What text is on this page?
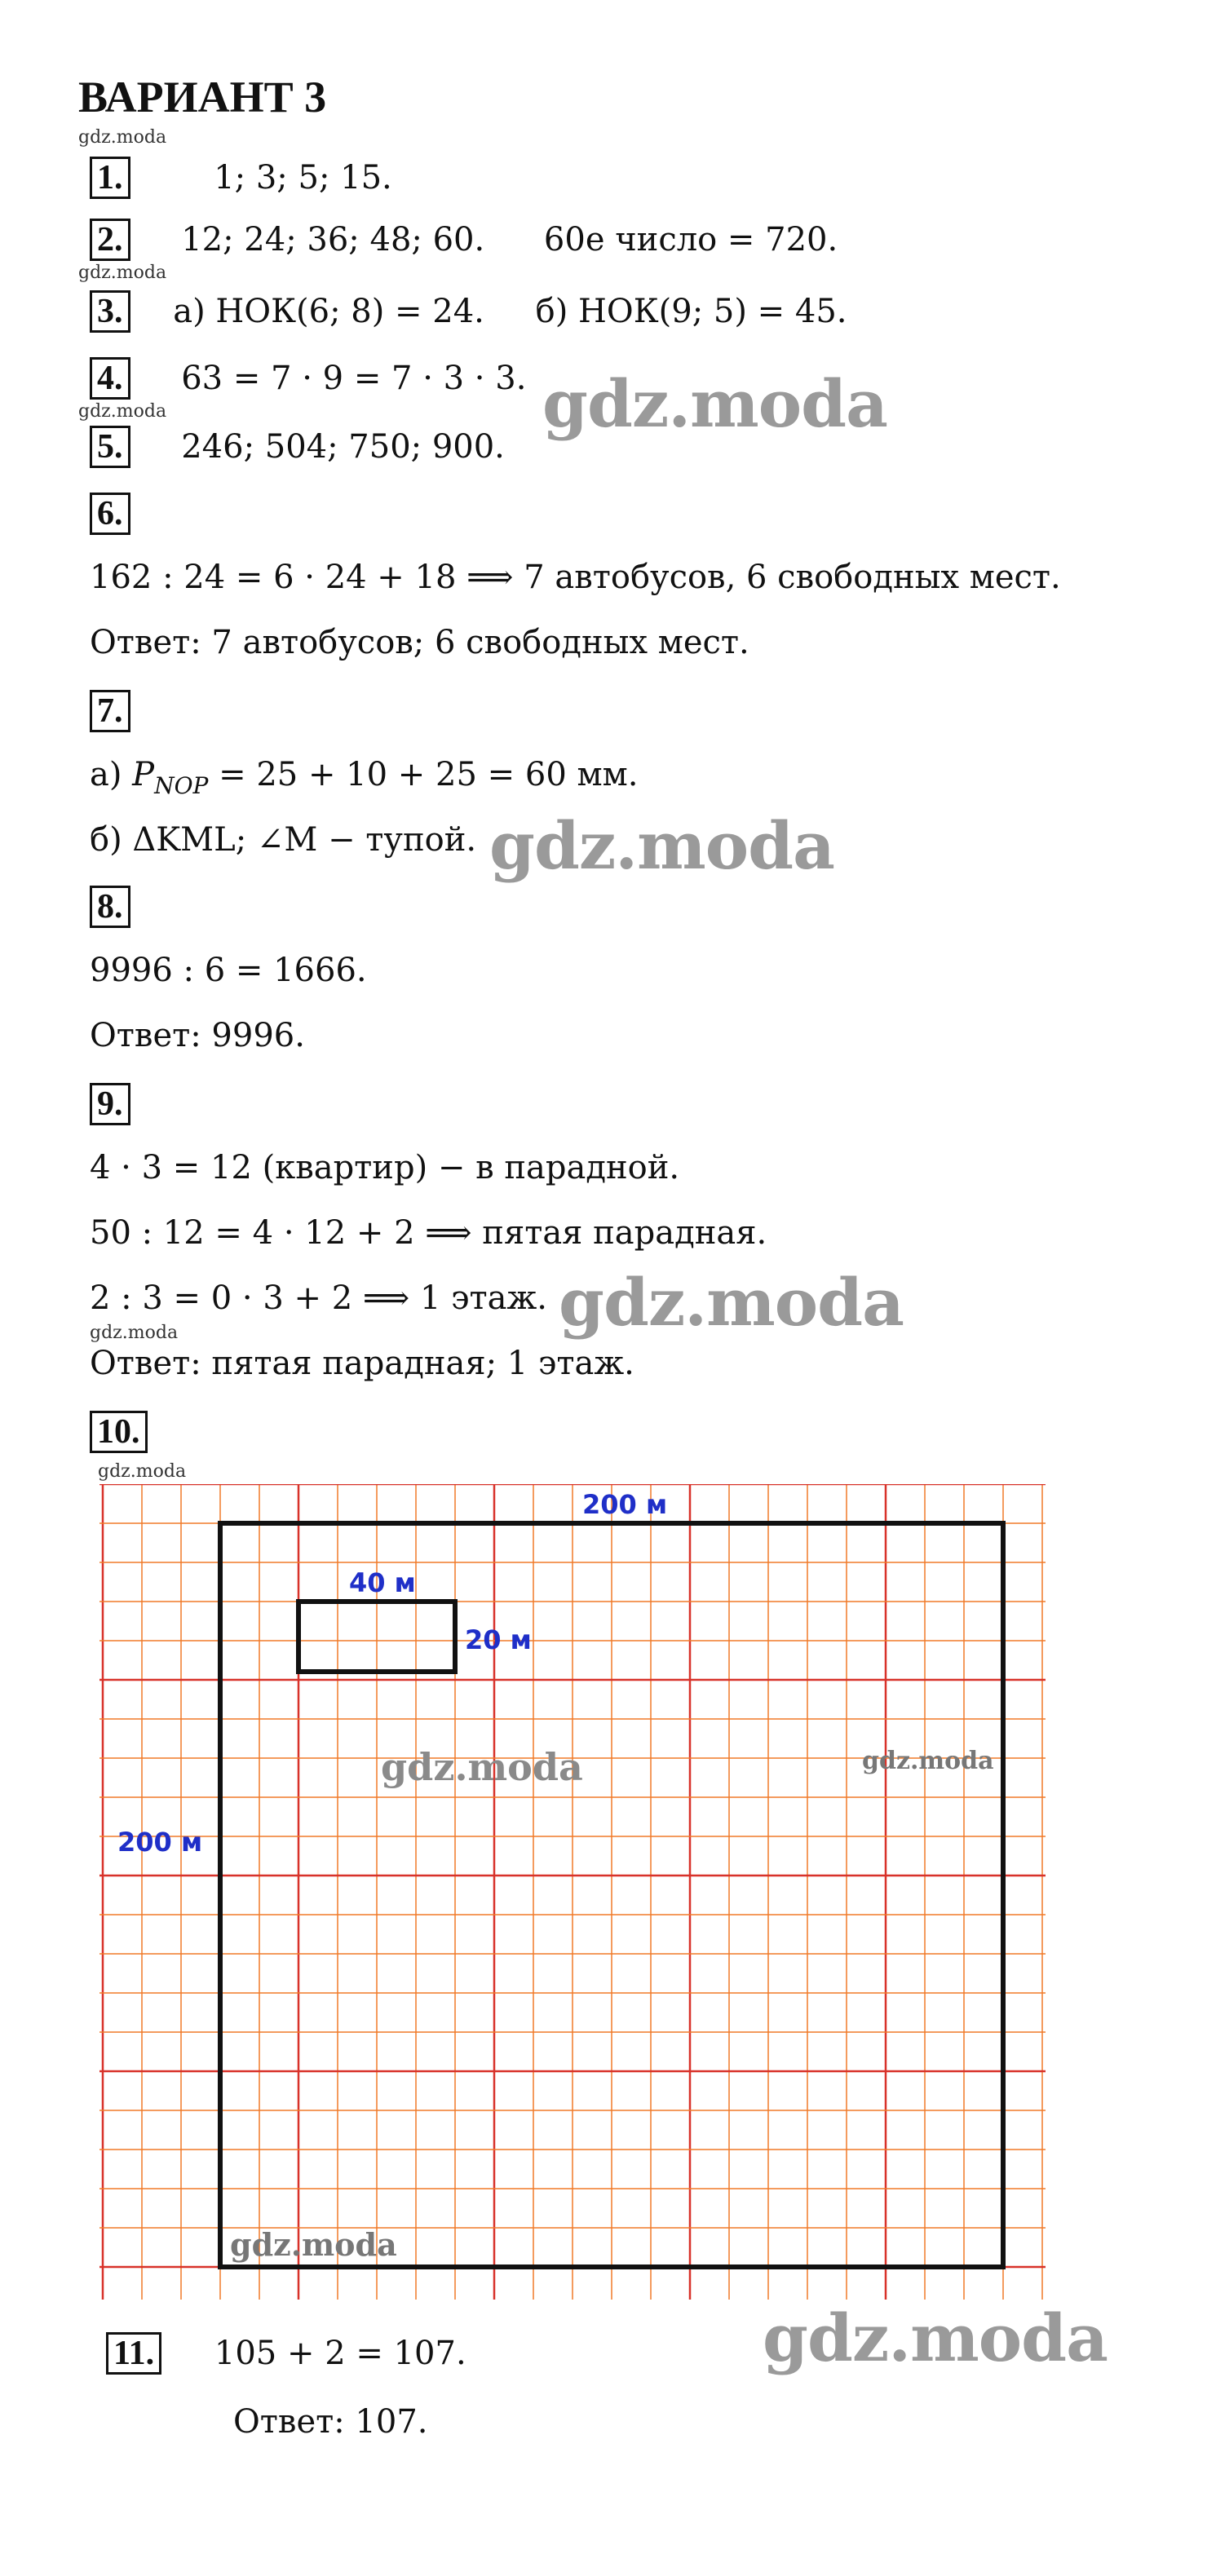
ВАРИАНТ 3
gdz.moda
1.	1; 3; 5; 15.
2. 12; 24; 36; 48; 60. 60е число = 720.
gdz.moda
3. а) НОК(6; 8) = 24. б) НОК(9; 5) = 45.
4. 63 = 7 · 9 = 7 · 3 · 3.
gdz.moda	gdz.moda
5. 246; 504; 750; 900.
6.
162 : 24 = 6 · 24 + 18 ⟹ 7 автобусов, 6 свободных мест.
Ответ: 7 автобусов; 6 свободных мест.
7.
а) $P_{NOP} = 25 + 10 + 25 = 60$ мм.
б) ΔKML; ∠M − тупой. gdz.moda
8.
9996 : 6 = 1666.
Ответ: 9996.
9.
4 · 3 = 12 (квартир) − в парадной.
50 : 12 = 4 · 12 + 2 ⟹ пятая парадная.
2 : 3 = 0 · 3 + 2 ⟹ 1 этаж. gdz.moda
gdz.moda
Ответ: пятая парадная; 1 этаж.
10.
gdz.moda
200 м
200 м
40 м
20 м
gdz.moda	gdz.moda
gdz.moda
11. 105 + 2 = 107.	gdz.moda
Ответ: 107.
